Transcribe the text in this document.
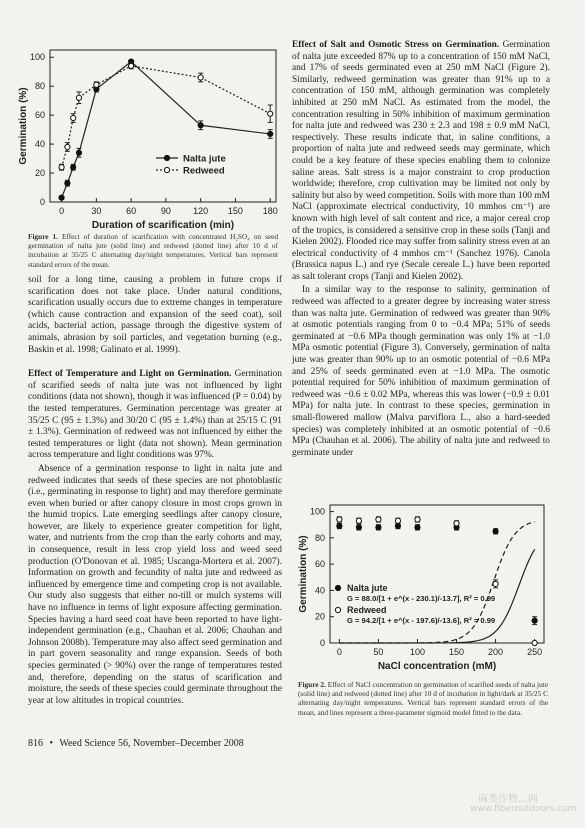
0
20
40
60
80
100
0	30	60	90 120 150 180
Duration of scarification (min)
Germination (%)	Nalta jute
Redweed
Figure 1. Effect of duration of scarification with concentrated H₂SO₄ on seed germination of nalta jute (solid line) and redweed (dotted line) after 10 d of incubation at 35/25 C alternating day/night temperatures. Vertical bars represent standard errors of the mean.

soil for a long time, causing a problem in future crops if scarification does not take place. Under natural conditions, scarification usually occurs due to extreme changes in temperature (which cause contraction and expansion of the seed coat), soil acids, bacterial action, passage through the digestive system of animals, abrasion by soil particles, and vegetation burning (e.g., Baskin et al. 1998; Galinato et al. 1999).

Effect of Temperature and Light on Germination. Germination of scarified seeds of nalta jute was not influenced by light conditions (data not shown), though it was influenced (P = 0.04) by the tested temperatures. Germination percentage was greater at 35/25 C (95 ± 1.3%) and 30/20 C (95 ± 1.4%) than at 25/15 C (91 ± 1.3%). Germination of redweed was not influenced by either the tested temperatures or light (data not shown). Mean germination across temperature and light conditions was 97%.

Absence of a germination response to light in nalta jute and redweed indicates that seeds of these species are not photoblastic (i.e., germinating in response to light) and may therefore germinate even when buried or after canopy closure in most crops grown in the humid tropics. Late emerging seedlings after canopy closure, however, are likely to experience greater competition for light, water, and nutrients from the crop than the early cohorts and may, in consequence, result in less crop yield loss and weed seed production (O'Donovan et al. 1985; Uscanga-Mortera et al. 2007). Information on growth and fecundity of nalta jute and redweed as influenced by emergence time and competing crop is not available. Our study also suggests that either no-till or mulch systems will have no influence in terms of light exposure affecting germination. Species having a hard seed coat have been reported to have light-independent germination (e.g., Chauhan et al. 2006; Chauhan and Johnson 2008b). Temperature may also affect seed germination and in part govern seasonality and range expansion. Seeds of both species germinated (> 90%) over the range of temperatures tested and, therefore, depending on the status of scarification and moisture, the seeds of these species could germinate throughout the year at low altitudes in tropical countries.

Effect of Salt and Osmotic Stress on Germination. Germination of nalta jute exceeded 87% up to a concentration of 150 mM NaCl, and 17% of seeds germinated even at 250 mM NaCl (Figure 2). Similarly, redweed germination was greater than 91% up to a concentration of 150 mM, although germination was completely inhibited at 250 mM NaCl. As estimated from the model, the concentration resulting in 50% inhibition of maximum germination for nalta jute and redweed was 230 ± 2.3 and 198 ± 0.9 mM NaCl, respectively. These results indicate that, in saline conditions, a proportion of nalta jute and redweed seeds may germinate, which could be a key feature of these species enabling them to colonize saline areas. Salt stress is a major constraint to crop production worldwide; therefore, crop cultivation may be limited not only by salinity but also by weed competition. Soils with more than 100 mM NaCl (approximate electrical conductivity, 10 mmhos cm⁻¹) are known with high level of salt content and rice, a major cereal crop of the tropics, is considered a sensitive crop in these soils (Tanji and Kielen 2002). Flooded rice may suffer from salinity stress even at an electrical conductivity of 4 mmhos cm⁻¹ (Sanchez 1976). Canola (Brassica napus L.) and rye (Secale cereale L.) have been reported as salt tolerant crops (Tanji and Kielen 2002).

In a similar way to the response to salinity, germination of redweed was affected to a greater degree by increasing water stress than was nalta jute. Germination of redweed was greater than 90% at osmotic potentials ranging from 0 to −0.4 MPa; 51% of seeds germinated at −0.6 MPa though germination was only 1% at −1.0 MPa osmotic potential (Figure 3). Conversely, germination of nalta jute was greater than 90% up to an osmotic potential of −0.6 MPa and 25% of seeds germinated even at −1.0 MPa. The osmotic potential required for 50% inhibition of maximum germination of redweed was −0.6 ± 0.02 MPa, whereas this was lower (−0.9 ± 0.01 MPa) for nalta jute. In contrast to these species, germination in small-flowered mallow (Malva parviflora L., also a hard-seeded species) was completely inhibited at an osmotic potential of −0.6 MPa (Chauhan et al. 2006). The ability of nalta jute and redweed to germinate under

0
20
40
60
80
100
0	50	100	150	200	250
NaCl concentration (mM)
Germination (%)	Nalta jute
G = 88.0/[1 + e^(x - 230.1)/-13.7], R² = 0.99
Redweed
G = 94.2/[1 + e^(x - 197.6)/-13.6], R² = 0.99
Figure 2. Effect of NaCl concentration on germination of scarified seeds of nalta jute (solid line) and redweed (dotted line) after 10 d of incubation in light/dark at 35/25 C alternating day/night temperatures. Vertical bars represent standard errors of the mean, and lines represent a three-parameter sigmoid model fitted to the data.
816 • Weed Science 56, November–December 2008
麻类作物…网
www.fiberoutdoors.com
